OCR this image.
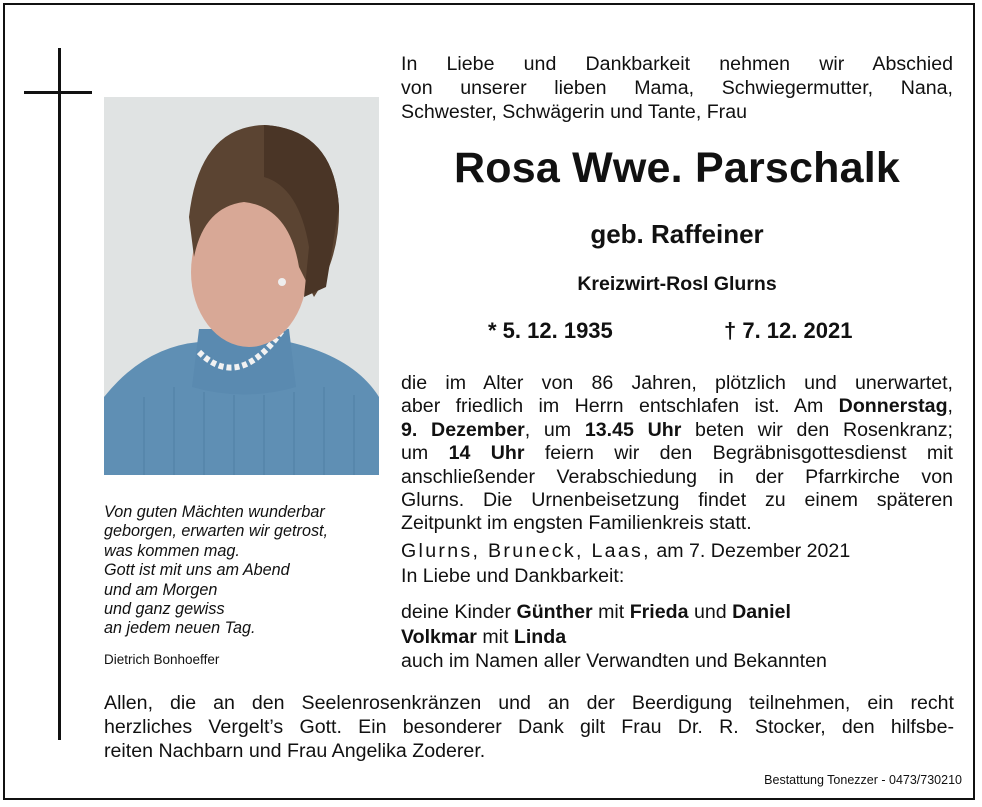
Von guten Mächten wunderbar
geborgen, erwarten wir getrost,
was kommen mag.
Gott ist mit uns am Abend
und am Morgen
und ganz gewiss
an jedem neuen Tag.
Dietrich Bonhoeffer
In Liebe und Dankbarkeit nehmen wir Abschied
von unserer lieben Mama, Schwiegermutter, Nana,
Schwester, Schwägerin und Tante, Frau
Rosa Wwe. Parschalk
geb. Raffeiner
Kreizwirt-Rosl Glurns
* 5. 12. 1935	† 7. 12. 2021
die im Alter von 86 Jahren, plötzlich und unerwartet,
aber friedlich im Herrn entschlafen ist. Am Donnerstag,
9. Dezember, um 13.45 Uhr beten wir den Rosenkranz;
um 14 Uhr feiern wir den Begräbnisgottesdienst mit
anschließender Verabschiedung in der Pfarrkirche von
Glurns. Die Urnenbeisetzung findet zu einem späteren
Zeitpunkt im engsten Familienkreis statt.
Glurns, Bruneck, Laas, am 7. Dezember 2021
In Liebe und Dankbarkeit:
deine Kinder Günther mit Frieda und Daniel
Volkmar mit Linda
auch im Namen aller Verwandten und Bekannten
Allen, die an den Seelenrosenkränzen und an der Beerdigung teilnehmen, ein recht
herzliches Vergelt’s Gott. Ein besonderer Dank gilt Frau Dr. R. Stocker, den hilfsbe-
reiten Nachbarn und Frau Angelika Zoderer.
Bestattung Tonezzer - 0473/730210
